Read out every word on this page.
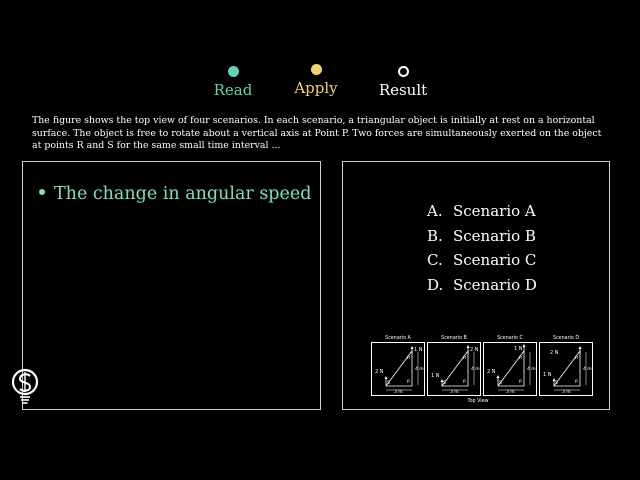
Read	Apply	Result
The figure shows the top view of four scenarios. In each scenario, a triangular object is initially at rest on a horizontal surface. The object is free to rotate about a vertical axis at Point P. Two forces are simultaneously exerted on the object at points R and S for the same small time interval ...
The change in angular speed
A. Scenario A
B. Scenario B
C. Scenario C
D. Scenario D
Scenario A
2 N
1 N
S	P
R
4 m
3 m
Scenario B
1 N
2 N
S	P
R
4 m
3 m
Scenario C
2 N
1 N
S	P
R
4 m
3 m
Scenario D
1 N
2 N
S	P
R
4 m
3 m
Top View
